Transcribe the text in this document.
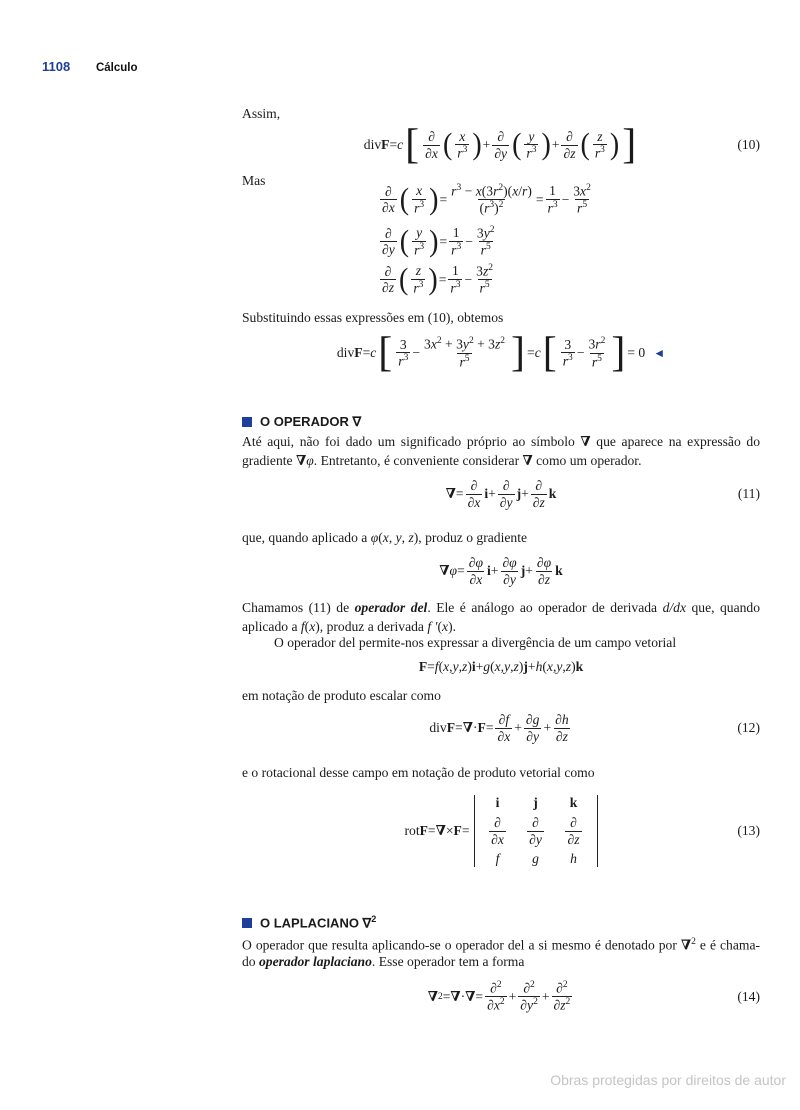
1108 Cálculo
Assim,
div F = c [ $\frac{\partial}{\partial x}$ ( $\frac{x}{r^3}$ ) + $\frac{\partial}{\partial y}$ ( $\frac{y}{r^3}$ ) + $\frac{\partial}{\partial z}$ ( $\frac{z}{r^3}$ ) ]	(10)
Mas
$\frac{\partial}{\partial x}$ ( $\frac{x}{r^3}$ ) = $\frac{r^3 - x(3r^2)(x/r)}{(r^3)^2} = \frac{1}{r^3} - \frac{3x^2}{r^5}$
$\frac{\partial}{\partial y}$ ( $\frac{y}{r^3}$ ) = $\frac{1}{r^3} - \frac{3y^2}{r^5}$
$\frac{\partial}{\partial z}$ ( $\frac{z}{r^3}$ ) = $\frac{1}{r^3} - \frac{3z^2}{r^5}$
Substituindo essas expressões em (10), obtemos
div F = c [ $\frac{3}{r^3} - \frac{3x^2 + 3y^2 + 3z^2}{r^5}$ ] = c [ $\frac{3}{r^3} - \frac{3r^2}{r^5}$ ] = 0 ◄
O OPERADOR ∇
Até aqui, não foi dado um significado próprio ao símbolo ∇ que aparece na expressão do
gradiente ∇φ. Entretanto, é conveniente considerar ∇ como um operador.
∇ = $\frac{\partial}{\partial x}$ $i + \frac{\partial}{\partial y}$ $j + \frac{\partial}{\partial z}$ k	(11)
que, quando aplicado a φ(x, y, z), produz o gradiente
∇ $\varphi = \frac{\partial\varphi}{\partial x}$ $i + \frac{\partial\varphi}{\partial y}$ $j + \frac{\partial\varphi}{\partial z}$ k
Chamamos (11) de operador del. Ele é análogo ao operador de derivada d/dx que, quando
aplicado a f(x), produz a derivada f ′(x).
O operador del permite-nos expressar a divergência de um campo vetorial
F = f ( x , y , z ) i + g ( x , y , z ) j + h ( x , y , z ) k
em notação de produto escalar como
div F = ∇ · $F = \frac{\partial f}{\partial x} + \frac{\partial g}{\partial y} + \frac{\partial h}{\partial z}$	(12)
e o rotacional desse campo em notação de produto vetorial como
rot F = ∇ × F =
i j k
$\frac{\partial}{\partial x} \frac{\partial}{\partial y} \frac{\partial}{\partial z}$
f g h
(13)
O LAPLACIANO ∇$^2$
O operador que resulta aplicando-se o operador del a si mesmo é denotado por ∇$^2$ e é chama-
do operador laplaciano. Esse operador tem a forma
∇ 2 = ∇ · ∇ = $\frac{\partial^2}{\partial x^2} + \frac{\partial^2}{\partial y^2} + \frac{\partial^2}{\partial z^2}$	(14)
Obras protegidas por direitos de autor
